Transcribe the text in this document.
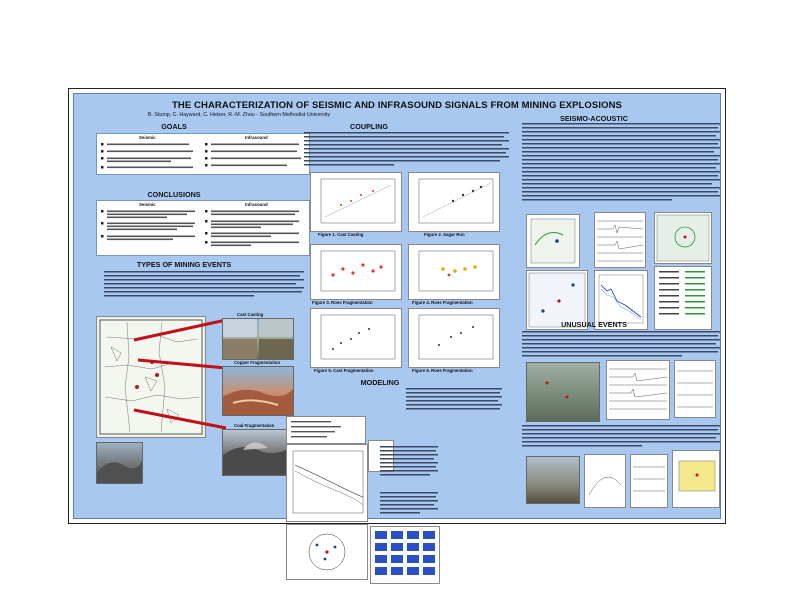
THE CHARACTERIZATION OF SEISMIC AND INFRASOUND SIGNALS FROM MINING EXPLOSIONS
B. Stump, C. Hayward, C. Hetzer, R.-M. Zhou - Southern Methodist University
GOALS
Seismic	Infrasound
CONCLUSIONS
Seismic	Infrasound
TYPES OF MINING EVENTS
Cast Casting
Copper Fragmentation
Coal Fragmentation
COUPLING
Figure 1. Cast Casting	Figure 2. Sagar Run
Figure 3. Roes Fragmentation	Figure 4. Roes Fragmentation
Figure 5. Cast Fragmentation	Figure 6. Roes Fragmentation
MODELING
SEISMO-ACOUSTIC
UNUSUAL EVENTS
